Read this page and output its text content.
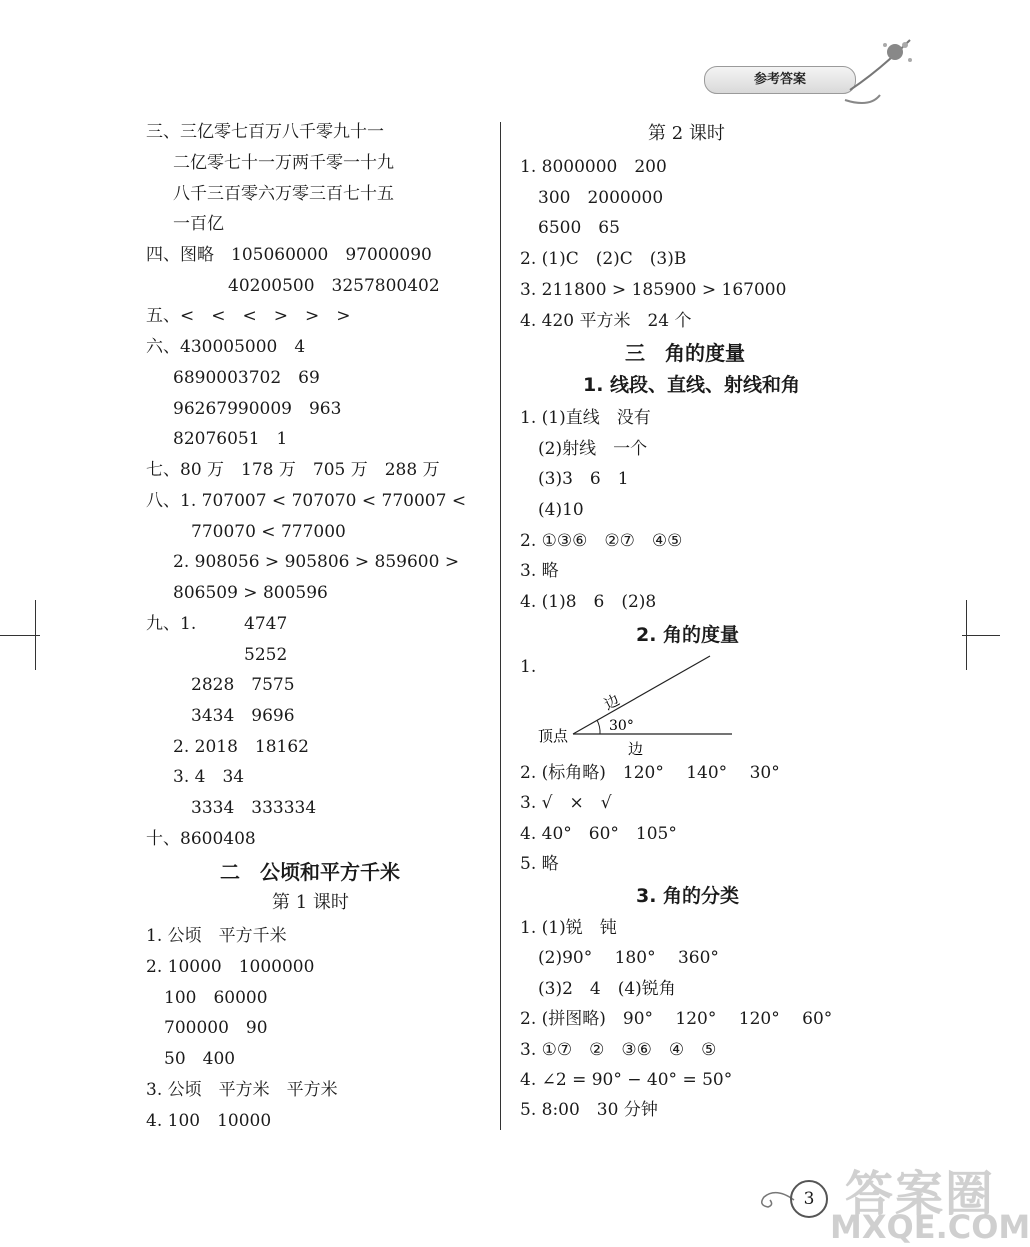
参考答案
三、三亿零七百万八千零九十一
二亿零七十一万两千零一十九
八千三百零六万零三百七十五
一百亿
四、图略　105060000　97000090
40200500　3257800402
五、<　<　<　>　>　>
六、430005000　4
6890003702　69
96267990009　963
82076051　1
七、80 万　178 万　705 万　288 万
八、1. 707007 < 707070 < 770007 <
770070 < 777000
2. 908056 > 905806 > 859600 >
806509 > 800596
九、1.	4747
5252
2828　7575
3434　9696
2. 2018　18162
3. 4　34
3334　333334
十、8600408
二　公顷和平方千米
第 1 课时
1. 公顷　平方千米
2. 10000　1000000
100　60000
700000　90
50　400
3. 公顷　平方米　平方米
4. 100　10000
第 2 课时
1. 8000000　200
300　2000000
6500　65
2. (1)C　(2)C　(3)B
3. 211800 > 185900 > 167000
4. 420 平方米　24 个
三　角的度量
1. 线段、直线、射线和角
1. (1)直线　没有
(2)射线　一个
(3)3　6　1
(4)10
2. ①③⑥　②⑦　④⑤
3. 略
4. (1)8　6　(2)8
2. 角的度量
1.
边
30°
顶点
边
2. (标角略)　120°　 140°　 30°
3. √　×　√
4. 40°　60°　105°
5. 略
3. 角的分类
1. (1)锐　钝
(2)90°　 180°　 360°
(3)2　4　(4)锐角
2. (拼图略)　90°　 120°　 120°　 60°
3. ①⑦　②　③⑥　④　⑤
4. ∠2 = 90° − 40° = 50°
5. 8:00　30 分钟
3 答案圈
MXQE.COM
